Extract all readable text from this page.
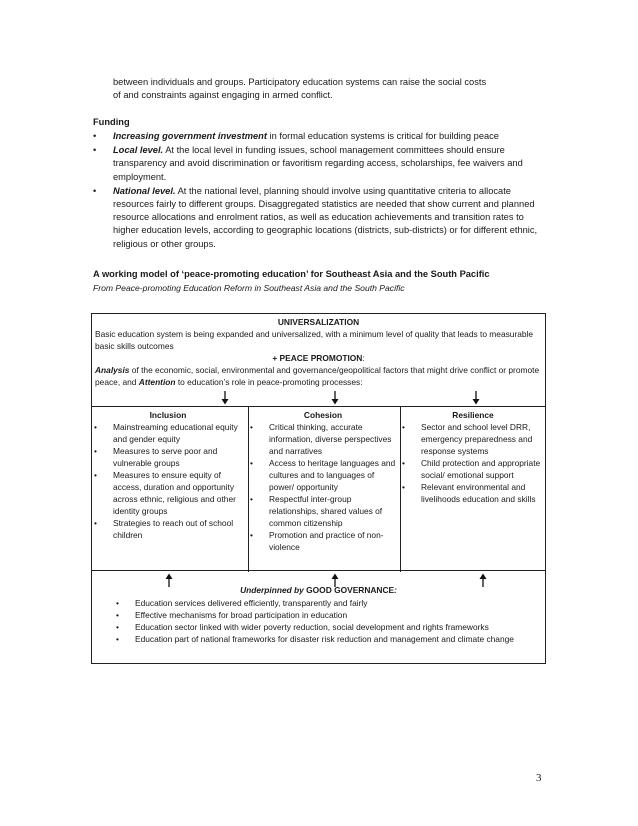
between individuals and groups. Participatory education systems can raise the social costs
of and constraints against engaging in armed conflict.
Funding
•	Increasing government investment in formal education systems is critical for building peace
•	Local level. At the local level in funding issues, school management committees should ensure transparency and avoid discrimination or favoritism regarding access, scholarships, fee waivers and employment.
•	National level. At the national level, planning should involve using quantitative criteria to allocate resources fairly to different groups. Disaggregated statistics are needed that show current and planned resource allocations and enrolment ratios, as well as education achievements and transition rates to higher education levels, according to geographic locations (districts, sub-districts) or for different ethnic, religious or other groups.
A working model of ‘peace-promoting education’ for Southeast Asia and the South Pacific
From Peace-promoting Education Reform in Southeast Asia and the South Pacific
UNIVERSALIZATION
Basic education system is being expanded and universalized, with a minimum level of quality that leads to measurable basic skills outcomes
+ PEACE PROMOTION:
Analysis of the economic, social, environmental and governance/geopolitical factors that might drive conflict or promote peace, and Attention to education’s role in peace-promoting processes:
Inclusion
• Mainstreaming educational equity and gender equity
• Measures to serve poor and vulnerable groups
• Measures to ensure equity of access, duration and opportunity across ethnic, religious and other identity groups
• Strategies to reach out of school children
Cohesion
• Critical thinking, accurate information, diverse perspectives and narratives
• Access to heritage languages and cultures and to languages of power/ opportunity
• Respectful inter-group relationships, shared values of common citizenship
• Promotion and practice of non-violence
Resilience
• Sector and school level DRR, emergency preparedness and response systems
• Child protection and appropriate social/ emotional support
• Relevant environmental and livelihoods education and skills
Underpinned by GOOD GOVERNANCE:
• Education services delivered efficiently, transparently and fairly
• Effective mechanisms for broad participation in education
• Education sector linked with wider poverty reduction, social development and rights frameworks
• Education part of national frameworks for disaster risk reduction and management and climate change
3
